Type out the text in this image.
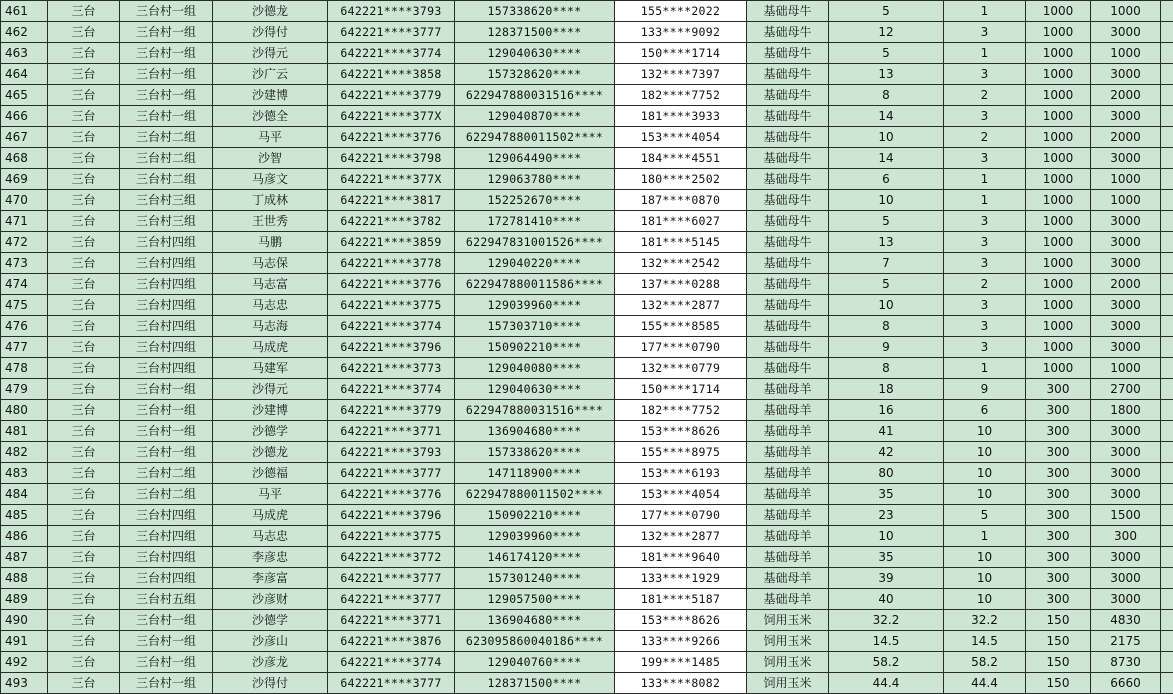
461	三台	三台村一组	沙德龙	642221****3793	157338620****	155****2022	基础母牛	5	1	1000	1000	
462	三台	三台村一组	沙得付	642221****3777	128371500****	133****9092	基础母牛	12	3	1000	3000	
463	三台	三台村一组	沙得元	642221****3774	129040630****	150****1714	基础母牛	5	1	1000	1000	
464	三台	三台村一组	沙广云	642221****3858	157328620****	132****7397	基础母牛	13	3	1000	3000	
465	三台	三台村一组	沙建博	642221****3779	622947880031516****	182****7752	基础母牛	8	2	1000	2000	
466	三台	三台村一组	沙德全	642221****377X	129040870****	181****3933	基础母牛	14	3	1000	3000	
467	三台	三台村二组	马平	642221****3776	622947880011502****	153****4054	基础母牛	10	2	1000	2000	
468	三台	三台村二组	沙智	642221****3798	129064490****	184****4551	基础母牛	14	3	1000	3000	
469	三台	三台村二组	马彦文	642221****377X	129063780****	180****2502	基础母牛	6	1	1000	1000	
470	三台	三台村三组	丁成林	642221****3817	152252670****	187****0870	基础母牛	10	1	1000	1000	
471	三台	三台村三组	王世秀	642221****3782	172781410****	181****6027	基础母牛	5	3	1000	3000	
472	三台	三台村四组	马鹏	642221****3859	622947831001526****	181****5145	基础母牛	13	3	1000	3000	
473	三台	三台村四组	马志保	642221****3778	129040220****	132****2542	基础母牛	7	3	1000	3000	
474	三台	三台村四组	马志富	642221****3776	622947880011586****	137****0288	基础母牛	5	2	1000	2000	
475	三台	三台村四组	马志忠	642221****3775	129039960****	132****2877	基础母牛	10	3	1000	3000	
476	三台	三台村四组	马志海	642221****3774	157303710****	155****8585	基础母牛	8	3	1000	3000	
477	三台	三台村四组	马成虎	642221****3796	150902210****	177****0790	基础母牛	9	3	1000	3000	
478	三台	三台村四组	马建军	642221****3773	129040080****	132****0779	基础母牛	8	1	1000	1000	
479	三台	三台村一组	沙得元	642221****3774	129040630****	150****1714	基础母羊	18	9	300	2700	
480	三台	三台村一组	沙建博	642221****3779	622947880031516****	182****7752	基础母羊	16	6	300	1800	
481	三台	三台村一组	沙德学	642221****3771	136904680****	153****8626	基础母羊	41	10	300	3000	
482	三台	三台村一组	沙德龙	642221****3793	157338620****	155****8975	基础母羊	42	10	300	3000	
483	三台	三台村二组	沙德福	642221****3777	147118900****	153****6193	基础母羊	80	10	300	3000	
484	三台	三台村二组	马平	642221****3776	622947880011502****	153****4054	基础母羊	35	10	300	3000	
485	三台	三台村四组	马成虎	642221****3796	150902210****	177****0790	基础母羊	23	5	300	1500	
486	三台	三台村四组	马志忠	642221****3775	129039960****	132****2877	基础母羊	10	1	300	300	
487	三台	三台村四组	李彦忠	642221****3772	146174120****	181****9640	基础母羊	35	10	300	3000	
488	三台	三台村四组	李彦富	642221****3777	157301240****	133****1929	基础母羊	39	10	300	3000	
489	三台	三台村五组	沙彦财	642221****3777	129057500****	181****5187	基础母羊	40	10	300	3000	
490	三台	三台村一组	沙德学	642221****3771	136904680****	153****8626	饲用玉米	32.2	32.2	150	4830	
491	三台	三台村一组	沙彦山	642221****3876	623095860040186****	133****9266	饲用玉米	14.5	14.5	150	2175	
492	三台	三台村一组	沙彦龙	642221****3774	129040760****	199****1485	饲用玉米	58.2	58.2	150	8730	
493	三台	三台村一组	沙得付	642221****3777	128371500****	133****8082	饲用玉米	44.4	44.4	150	6660	
